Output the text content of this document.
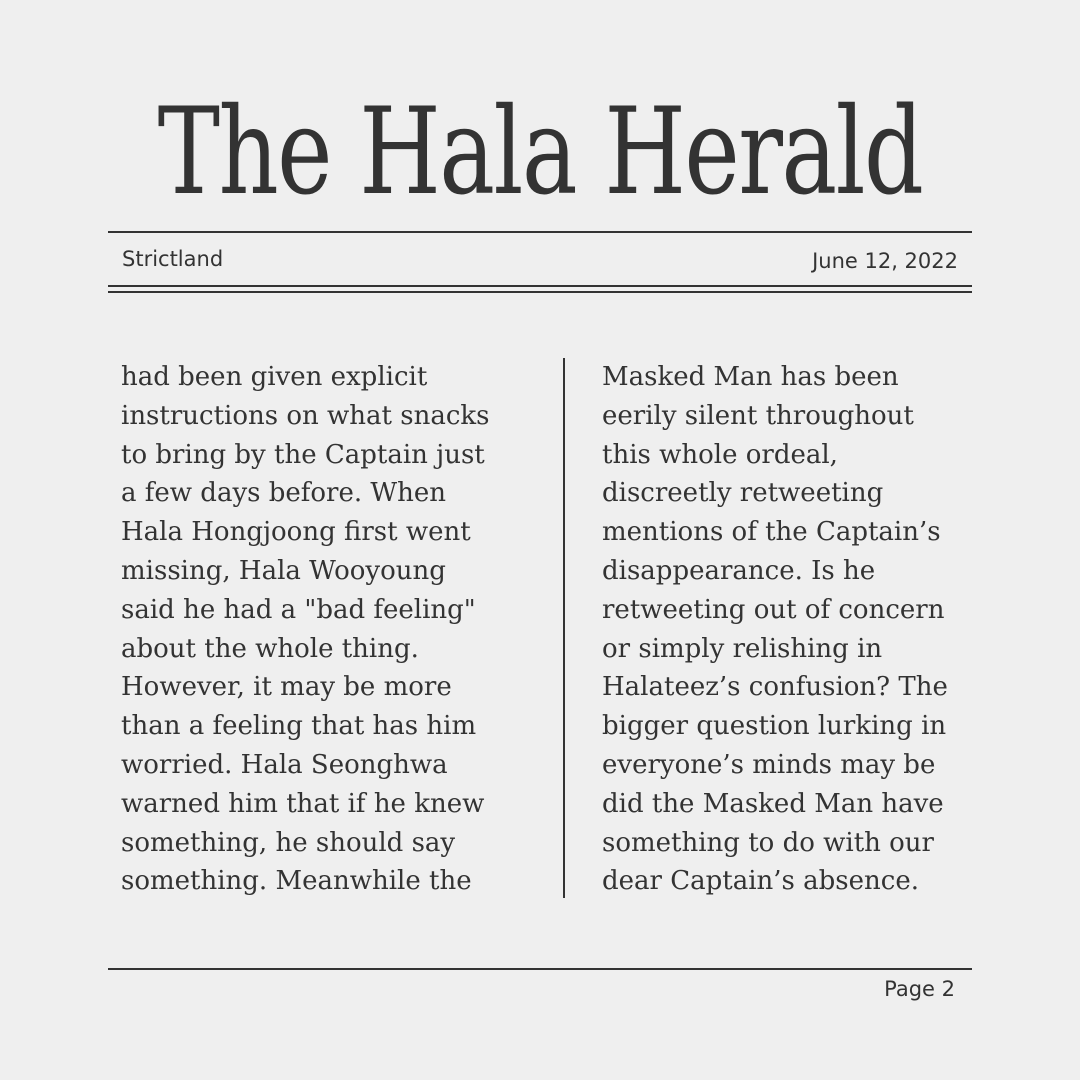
The Hala Herald
Strictland	June 12, 2022
had been given explicit
instructions on what snacks
to bring by the Captain just
a few days before. When
Hala Hongjoong first went
missing, Hala Wooyoung
said he had a "bad feeling"
about the whole thing.
However, it may be more
than a feeling that has him
worried. Hala Seonghwa
warned him that if he knew
something, he should say
something. Meanwhile the
Masked Man has been
eerily silent throughout
this whole ordeal,
discreetly retweeting
mentions of the Captain’s
disappearance. Is he
retweeting out of concern
or simply relishing in
Halateez’s confusion? The
bigger question lurking in
everyone’s minds may be
did the Masked Man have
something to do with our
dear Captain’s absence.
Page 2
